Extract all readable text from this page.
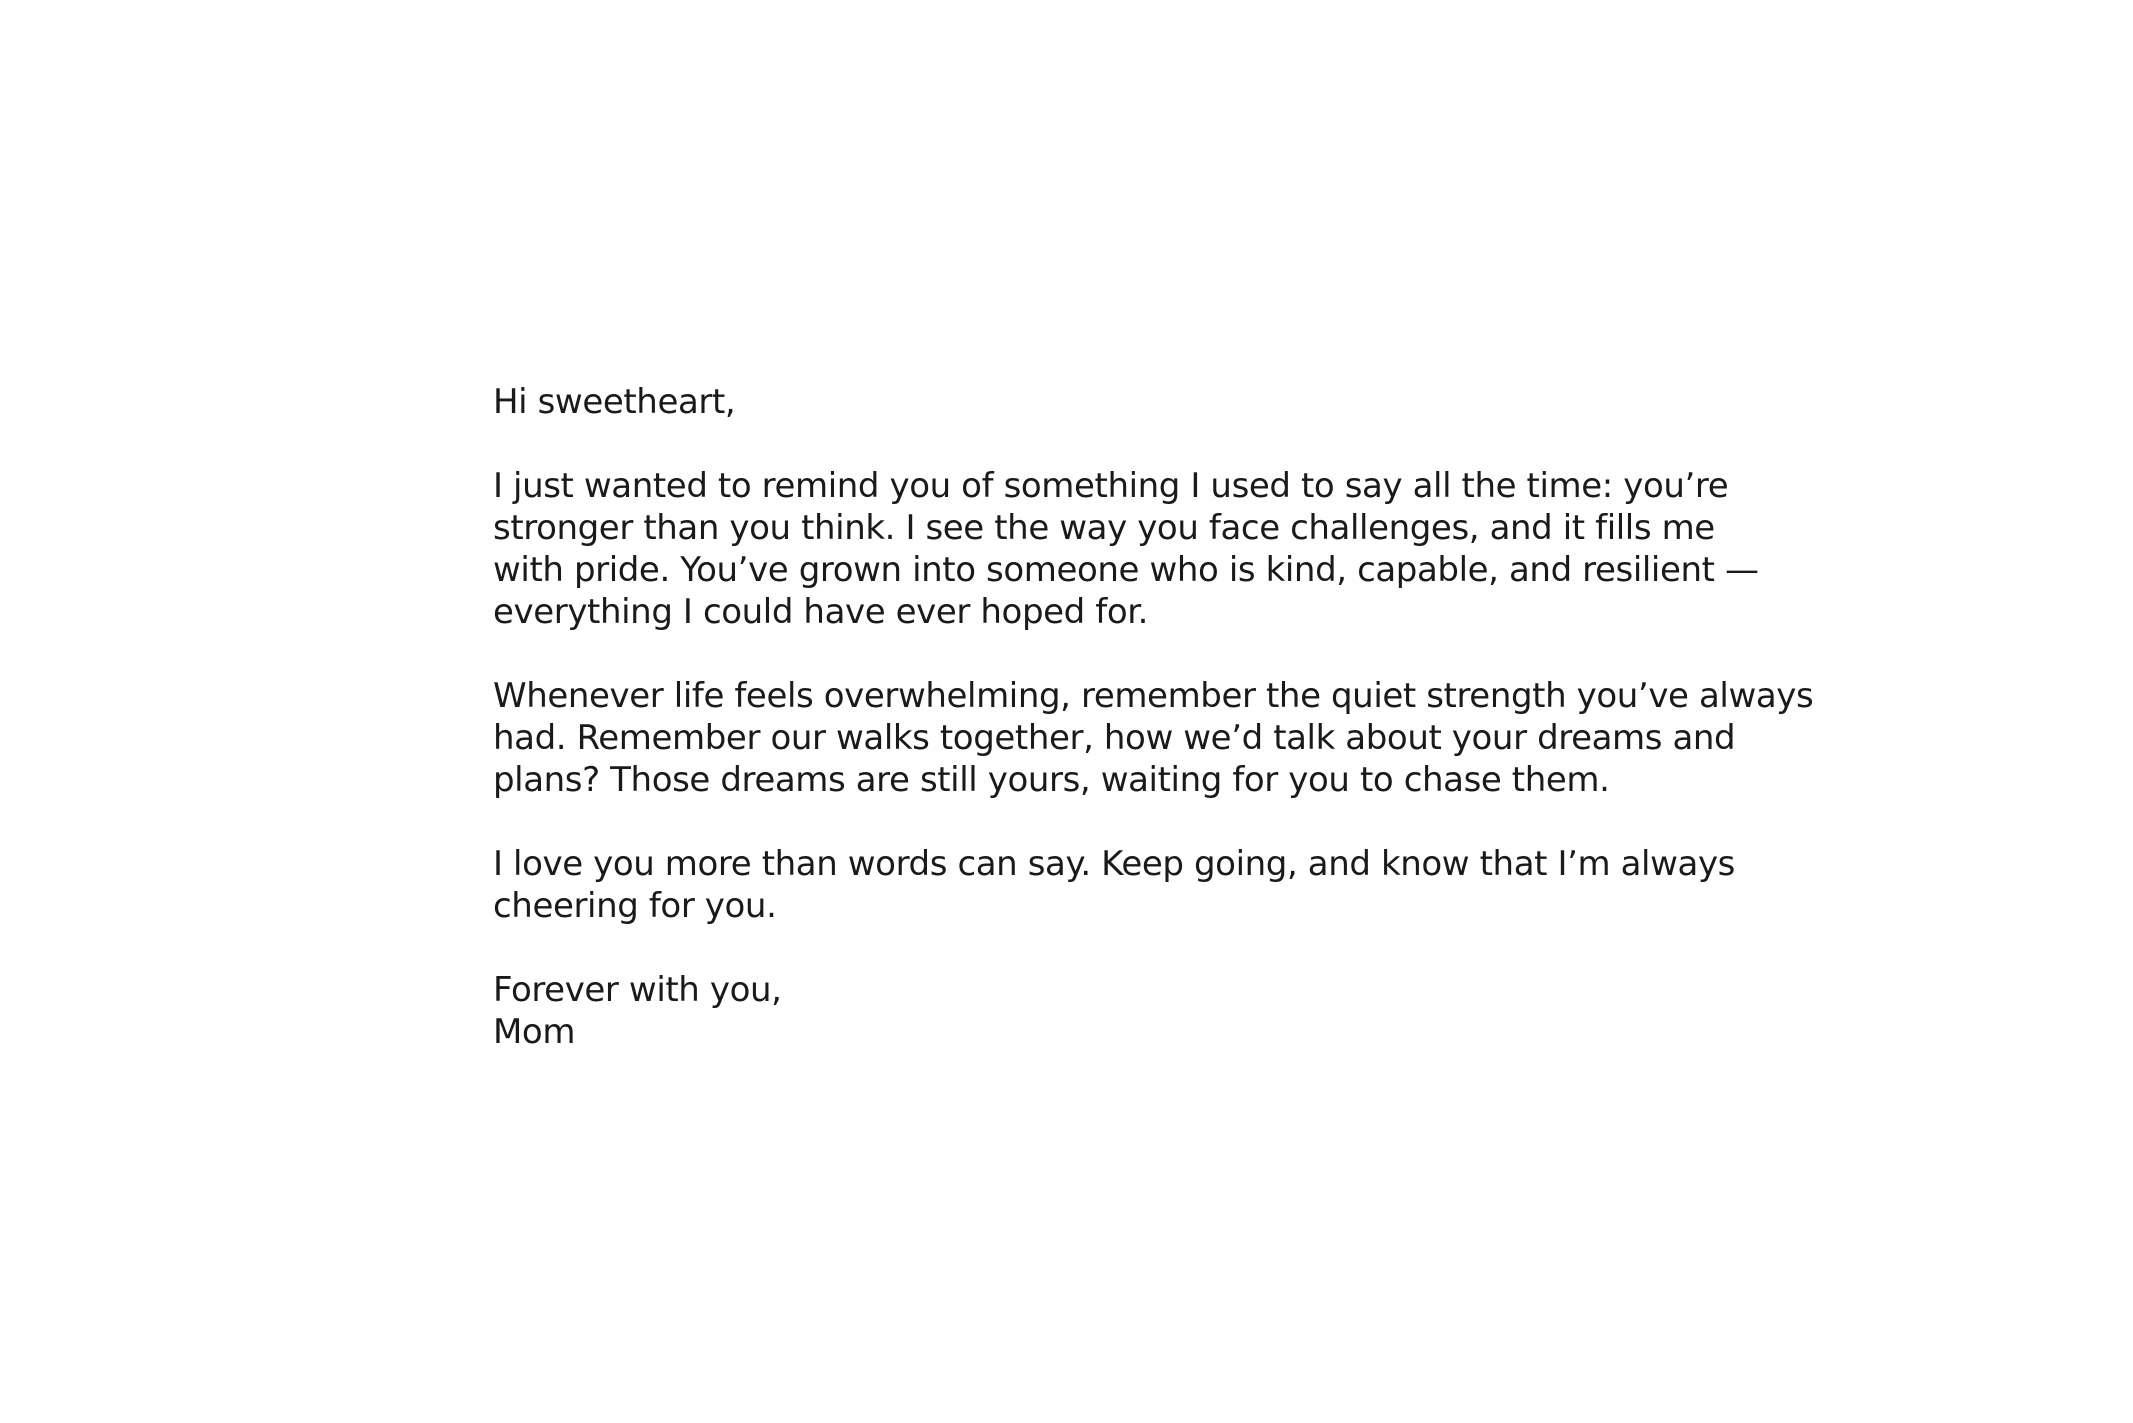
Hi sweetheart,

I just wanted to remind you of something I used to say all the time: you’re
stronger than you think. I see the way you face challenges, and it fills me
with pride. You’ve grown into someone who is kind, capable, and resilient —
everything I could have ever hoped for.

Whenever life feels overwhelming, remember the quiet strength you’ve always
had. Remember our walks together, how we’d talk about your dreams and
plans? Those dreams are still yours, waiting for you to chase them.

I love you more than words can say. Keep going, and know that I’m always
cheering for you.

Forever with you,
Mom
